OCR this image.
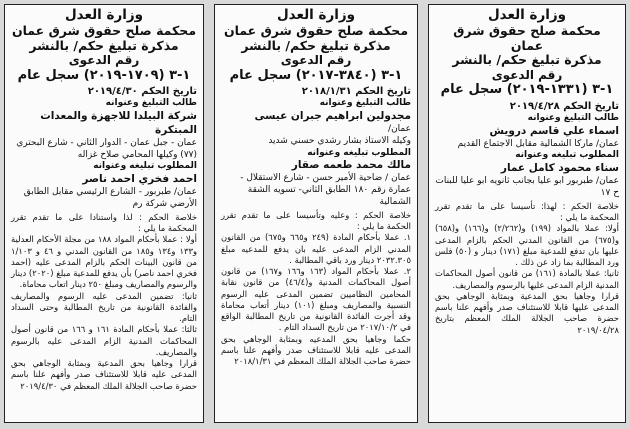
وزارة العدل

محكمة صلح حقوق شرق عمان

مذكرة تبليغ حكم/ بالنشر

رقم الدعوى

١-٣ (١٣٣١-٢٠١٩) سجل عام

تاريخ الحكم ٢٠١٩/٤/٢٨

طالب التبليغ وعنوانه

اسماء علي قاسم درويش

عمان/ ماركا الشمالية مقابل الاجتماع القديم

المطلوب تبليغه وعنوانه

سناء محمود كامل عمار

عمان/ طبربور ابو عليا بجانب ثانويه ابو عليا للبنات ح ١٧

خلاصة الحكم : لهذا: تأسيسا على ما تقدم تقرر المحكمة ما يلي :

أولا: عملا بالمواد (١٩٩) و(٢/٢٦٢) و(١٦٦) و(٦٥٨) و(٦٧٥) من القانون المدني الحكم بالزام المدعى عليها بان تدفع للمدعية مبلغ (١٧١) دينار و (٥٠) فلس ورد المطالبة بما زاد عن ذلك .

ثانيا: عملا بالمادة (١٦١) من قانون أصول المحاكمات المدنية الزام المدعى عليها بالرسوم والمصاريف.

قرارا وجاهيا بحق المدعية وبمثابة الوجاهي بحق المدعى عليها قابلا للاستئناف صدر وأفهم علنا باسم حضرة صاحب الجلالة الملك المعظم بتاريخ ٢٠١٩/٠٤/٢٨

وزارة العدل

محكمة صلح حقوق شرق عمان

مذكرة تبليغ حكم/ بالنشر

رقم الدعوى

١-٣ (٣٨٤٠-٢٠١٧) سجل عام

تاريخ الحكم ٢٠١٨/١/٣١

طالب التبليغ وعنوانه

مجدولين ابراهيم جبران عيسى

عمان/

وكيله الاستاذ بشار رشدي حسني شديد

المطلوب تبليغه وعنوانه

مالك محمد طعمه صقار

عمان / ضاحية الأمير حسن - شارع الاستقلال - عمارة رقم ١٨٠ الطابق الثاني- تسويه الشقة الشمالية

خلاصة الحكم : وعليه وتأسيسا على ما تقدم تقرر الحكمة ما يلي :

١. عملا بأحكام المادة (٢٤٩ و٦٦٥ و٦٧٥) من القانون المدني الزام المدعى عليه بان يدفع للمدعيه مبلغ ٢٠٣٢.٣٠٥ دينار ورد باقي المطالبة .

٢. عملا بأحكام المواد (١٦٣ و١٦٦ و١٦٧) من قانون أصول المحاكمات المدنية و(٤٦/٤) من قانون نقابة المحامين النظاميين تضمين المدعى عليه الرسوم النسبية والمصاريف ومبلغ (١٠١) دينار أتعاب محاماة وقد أجرت الفائدة القانونية من تاريخ المطالبة الواقع في ٢٠١٧/١٠/٢ من تاريخ السداد التام .

حكما وجاهيا بحق المدعيه وبمثابة الوجاهي بحق المدعى عليه قابلا للاستئناف صدر وأفهم علنا باسم حضرة صاحب الجلالة الملك المعظم في ٢٠١٨/١/٣١

وزارة العدل

محكمة صلح حقوق شرق عمان

مذكرة تبليغ حكم/ بالنشر

رقم الدعوى

١-٣ (١٧٠٩-٢٠١٩) سجل عام

تاريخ الحكم ٢٠١٩/٤/٣٠

طالب التبليغ وعنوانه

شركة البيلدا للاجهزة والمعدات المبتكرة

عمان - جبل عمان - الدوار الثاني - شارع البحتري (٧٧) وكيلها المحامي صلاح غزاله

المطلوب تبليغه وعنوانه

احمد فخري احمد ناصر

عمان/ طبربور - الشارع الرئيسي مقابل الطابق الأرضي شركة رم

خلاصة الحكم : لذا واستنادا على ما تقدم تقرر المحكمة ما يلي :

أولا : عملا بأحكام المواد ١٨٨ من مجلة الأحكام العدلية و١٣٣ و١٣٤ و١٨٥ من القانون المدني و ٤٦ و ١/١٠٣ من قانون البينات الحكم بالزام المدعى عليه (احمد فخري احمد ناصر) بأن يدفع للمدعية مبلغ (٢٠٢٠) دينار والرسوم والمصاريف ومبلغ ٢٥٠ دينار اتعاب محاماة.

ثانيا: تضمين المدعى عليه الرسوم والمصاريف والفائدة القانونية من تاريخ المطالبة وحتى السداد التام.

ثالثا: عملا بأحكام المادة ١٦١ و ١٦٦ من قانون أصول المحاكمات المدنية الزام المدعى عليه بالرسوم والمصاريف.

قرارا وجاهيا بحق المدعية وبمثابة الوجاهي بحق المدعى عليه قابلا للاستئناف صدر وأفهم علنا باسم حضرة صاحب الجلالة الملك المعظم في ٢٠١٩/٤/٣٠
